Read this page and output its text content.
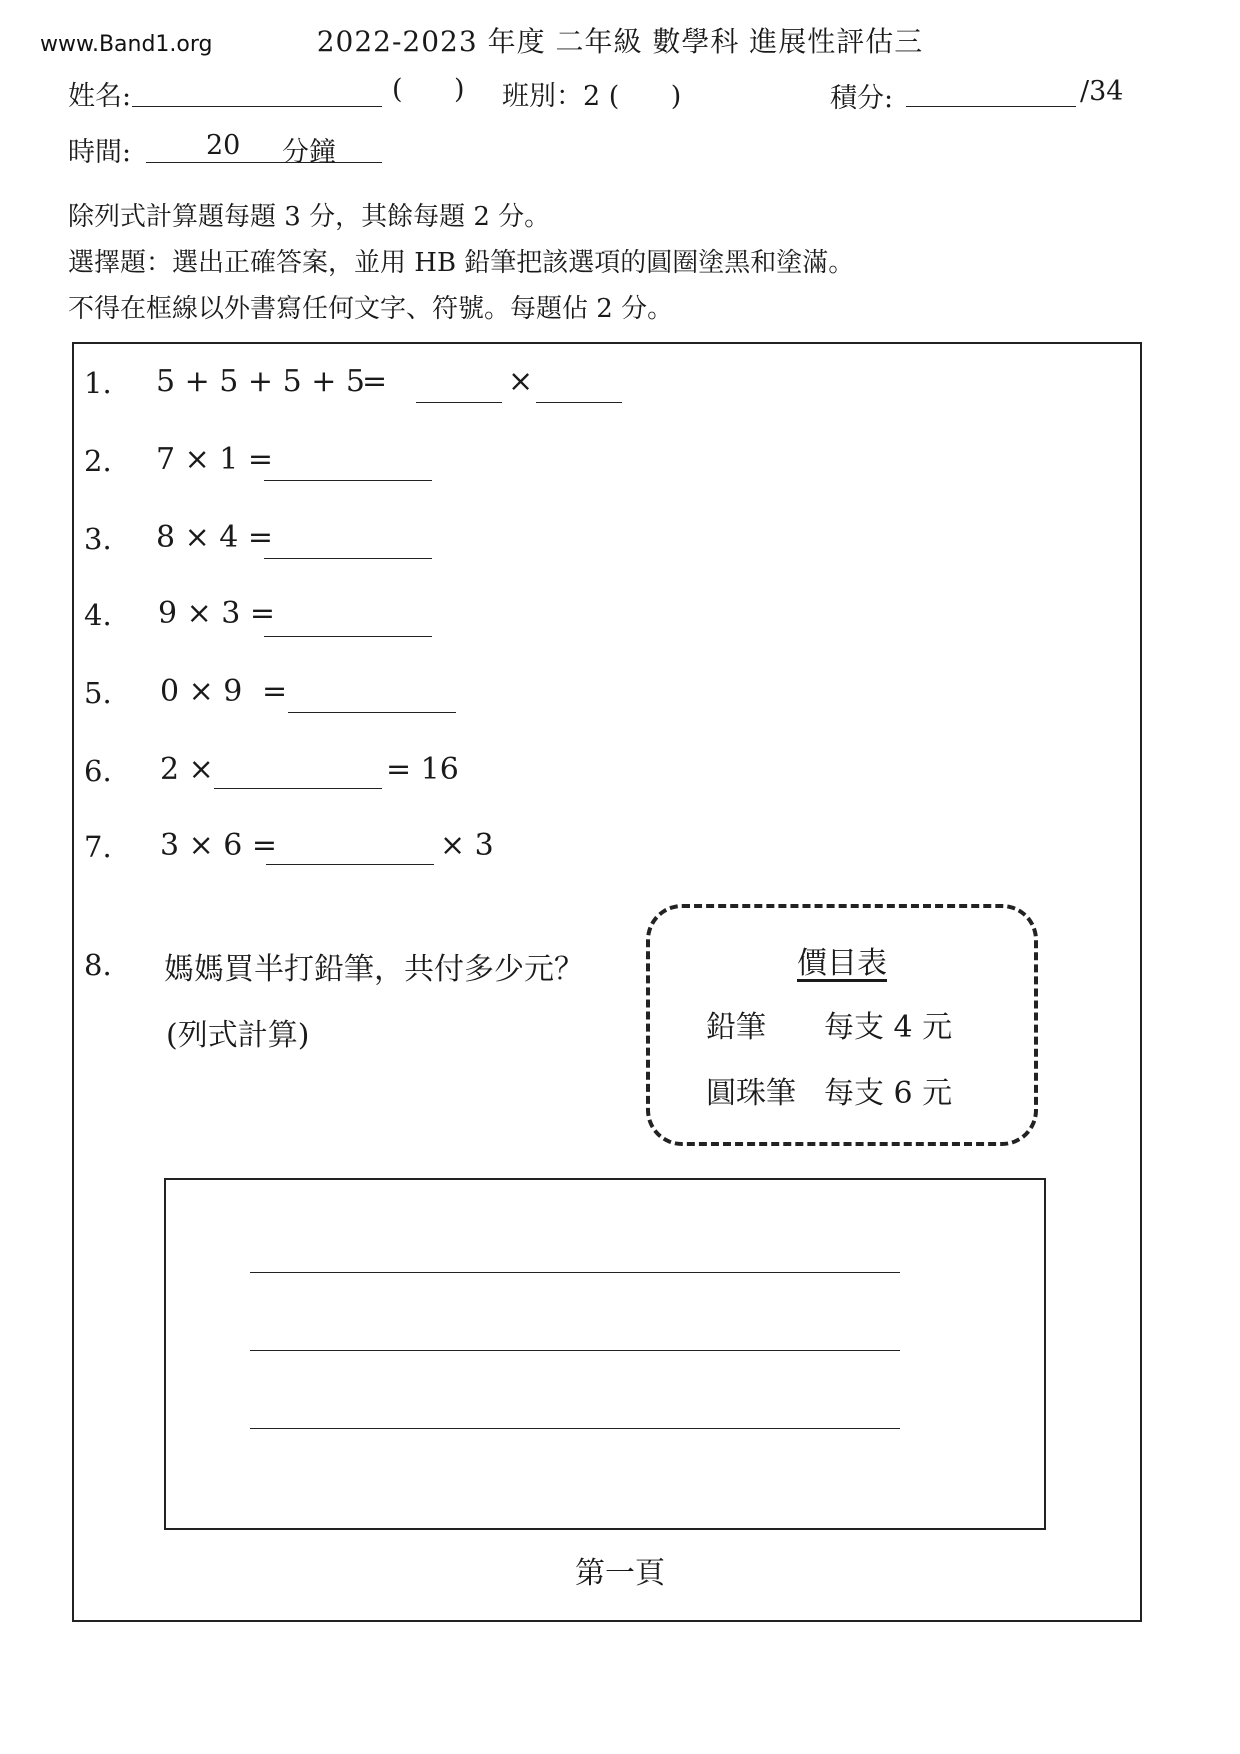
www.Band1.org	2022-2023 年度 二年級 數學科 進展性評估三
姓名:	(      ) 班別：2 (      )	積分:	/34
時間:	20 分鐘
除列式計算題每題 3 分，其餘每題 2 分。
選擇題：選出正確答案，並用 HB 鉛筆把該選項的圓圈塗黑和塗滿。
不得在框線以外書寫任何文字、符號。每題佔 2 分。
1. 5 + 5 + 5 + 5
=	×
2. 7 × 1 =
3. 8 × 4 =
4. 9 × 3 =
5. 0 × 9 =
6. 2 ×	= 16
7. 3 × 6 =	× 3
8. 媽媽買半打鉛筆，共付多少元？
(列式計算)
價目表
鉛筆 每支 4 元
圓珠筆 每支 6 元
第一頁
